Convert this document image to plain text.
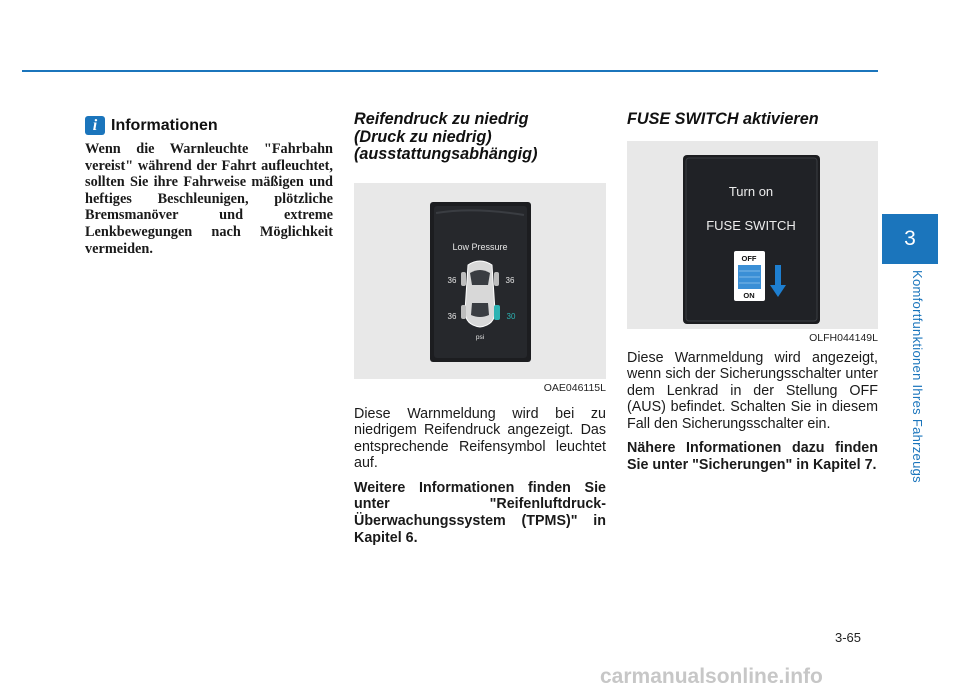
i Informationen

Wenn die Warnleuchte "Fahrbahn vereist" während der Fahrt aufleuchtet, sollten Sie ihre Fahrweise mäßigen und heftiges Beschleunigen, plötzliche Bremsmanöver und extreme Lenkbewegungen nach Möglichkeit vermeiden.

Reifendruck zu niedrig
(Druck zu niedrig)
(ausstattungsabhängig)
Low Pressure
36	36
36	30
psi
OAE046115L

Diese Warnmeldung wird bei zu niedrigem Reifendruck angezeigt. Das entsprechende Reifensymbol leuchtet auf.

Weitere Informationen finden Sie unter "Reifenluftdruck-Überwachungssystem (TPMS)" in Kapitel 6.

FUSE SWITCH aktivieren
Turn on
FUSE SWITCH
OFF
ON
OLFH044149L

Diese Warnmeldung wird angezeigt, wenn sich der Sicherungsschalter unter dem Lenkrad in der Stellung OFF (AUS) befindet. Schalten Sie in diesem Fall den Sicherungsschalter ein.

Nähere Informationen dazu finden Sie unter "Sicherungen" in Kapitel 7.

3
Komfortfunktionen Ihres Fahrzeugs
3-65
carmanualsonline.info
